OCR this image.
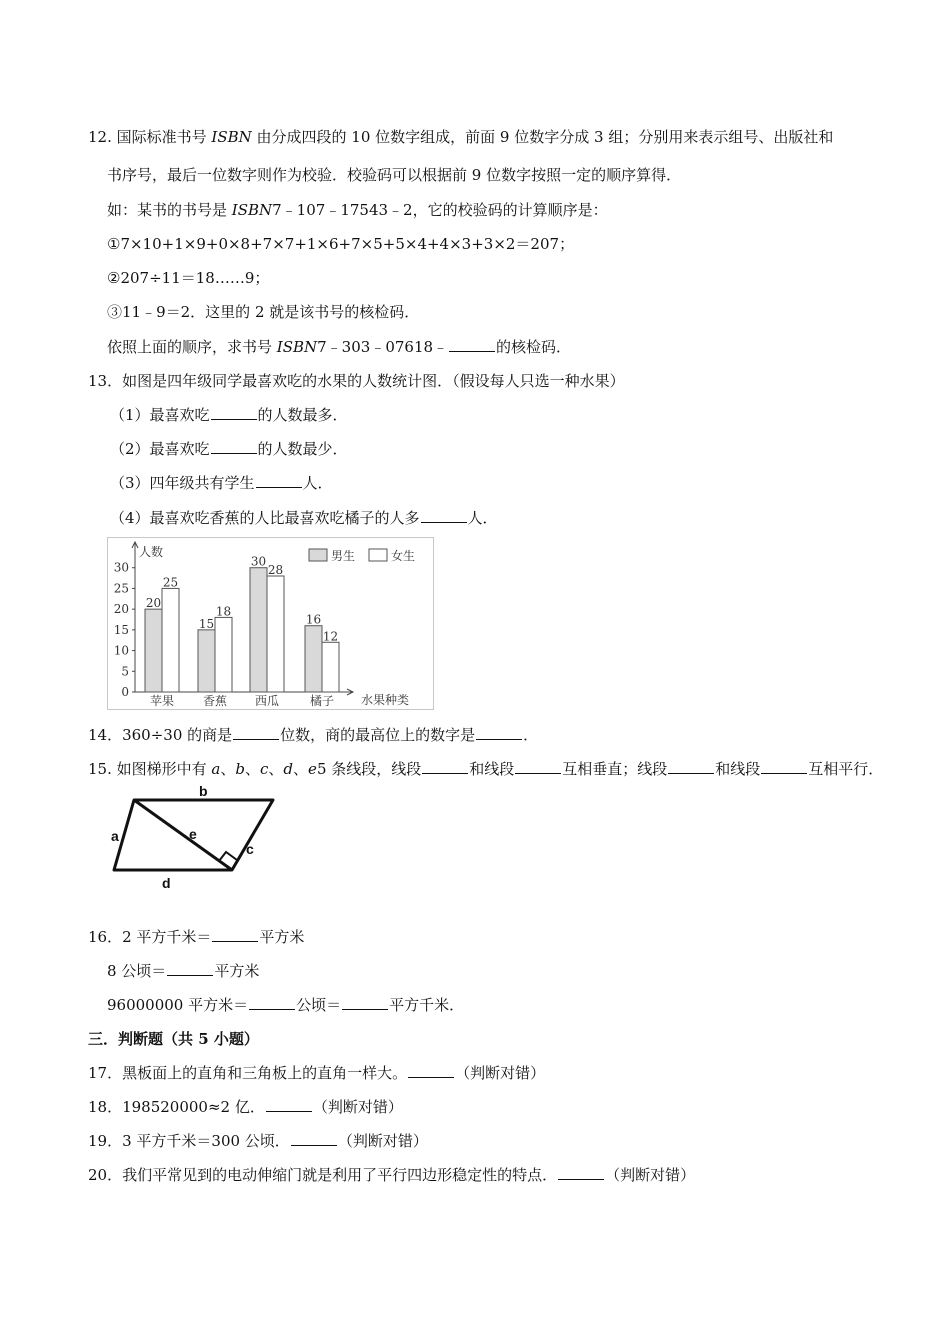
12. 国际标准书号 ISBN 由分成四段的 10 位数字组成，前面 9 位数字分成 3 组；分别用来表示组号、出版社和
书序号，最后一位数字则作为校验．校验码可以根据前 9 位数字按照一定的顺序算得．
如：某书的书号是 ISBN7﹣107﹣17543﹣2，它的校验码的计算顺序是：
①7×10+1×9+0×8+7×7+1×6+7×5+5×4+4×3+3×2＝207；
②207÷11＝18……9；
③11﹣9＝2．这里的 2 就是该书号的核检码．
依照上面的顺序，求书号 ISBN7﹣303﹣07618﹣	的核检码．
13．如图是四年级同学最喜欢吃的水果的人数统计图．（假设每人只选一种水果）
（1）最喜欢吃	的人数最多．
（2）最喜欢吃	的人数最少．
（3）四年级共有学生	人．
（4）最喜欢吃香蕉的人比最喜欢吃橘子的人多	人．
0
5
10
15
20
25
30
人数
水果种类
男生	女生
20
25
苹果
15
18
香蕉
30
28
西瓜
16
12
橘子
14．360÷30 的商是	位数，商的最高位上的数字是	．
15. 如图梯形中有 a、b、c、d、e5 条线段，线段	和线段	互相垂直；线段	和线段	互相平行．
b
a	e
c
d
16．2 平方千米＝	平方米
8 公顷＝	平方米
96000000 平方米＝	公顷＝	平方千米．
三．判断题（共 5 小题）
17．黑板面上的直角和三角板上的直角一样大。	（判断对错）
18．198520000≈2 亿．	（判断对错）
19．3 平方千米＝300 公顷．	（判断对错）
20．我们平常见到的电动伸缩门就是利用了平行四边形稳定性的特点．	（判断对错）
